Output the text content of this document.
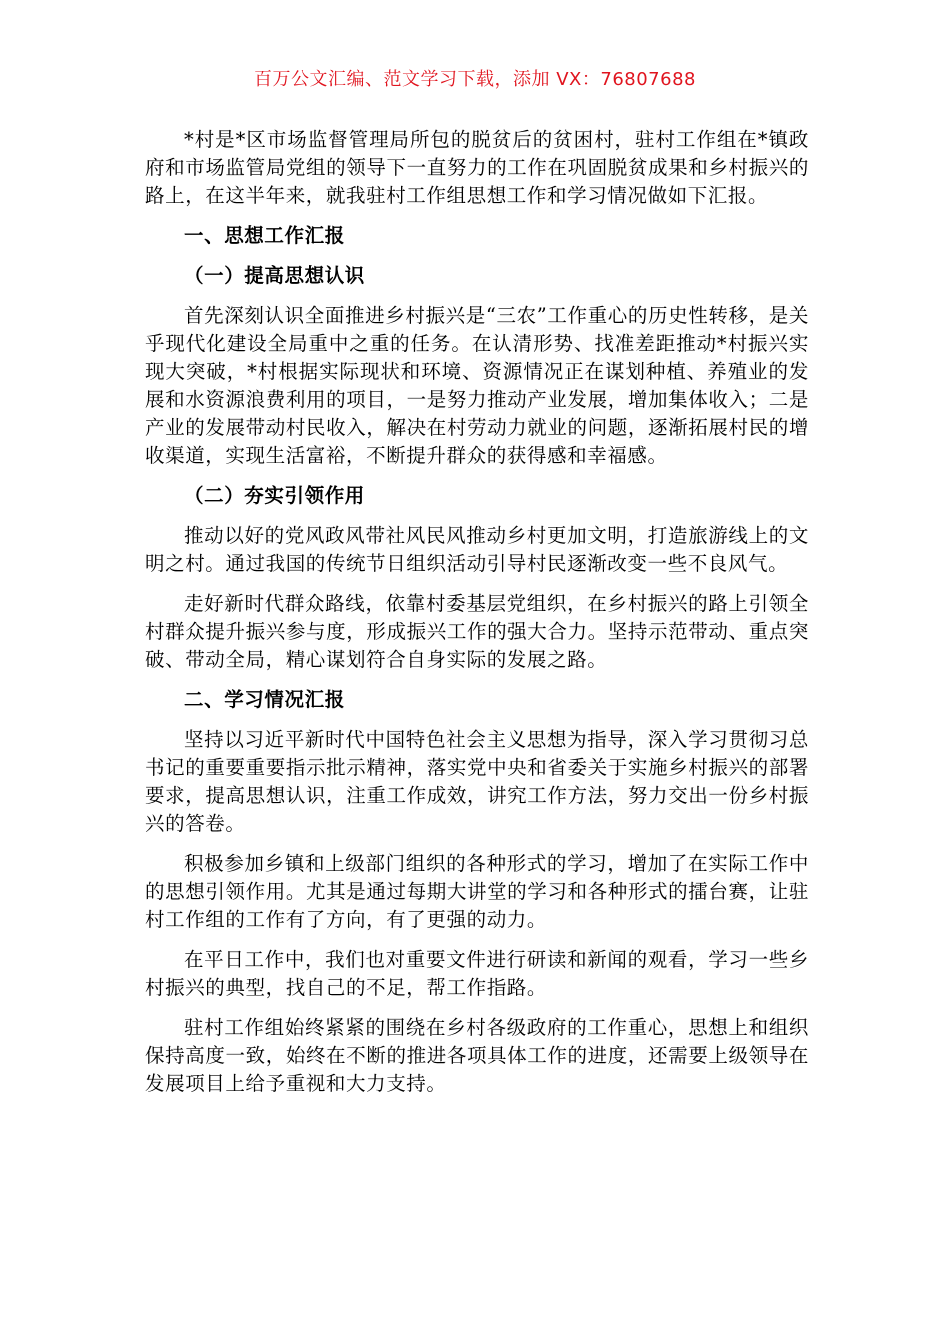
百万公文汇编、范文学习下载，添加 VX：76807688

*村是*区市场监督管理局所包的脱贫后的贫困村，驻村工作组在*镇政府和市场监管局党组的领导下一直努力的工作在巩固脱贫成果和乡村振兴的路上，在这半年来，就我驻村工作组思想工作和学习情况做如下汇报。

一、思想工作汇报

（一）提高思想认识

首先深刻认识全面推进乡村振兴是“三农”工作重心的历史性转移，是关乎现代化建设全局重中之重的任务。在认清形势、找准差距推动*村振兴实现大突破，*村根据实际现状和环境、资源情况正在谋划种植、养殖业的发展和水资源浪费利用的项目，一是努力推动产业发展，增加集体收入；二是产业的发展带动村民收入，解决在村劳动力就业的问题，逐渐拓展村民的增收渠道，实现生活富裕，不断提升群众的获得感和幸福感。

（二）夯实引领作用

推动以好的党风政风带社风民风推动乡村更加文明，打造旅游线上的文明之村。通过我国的传统节日组织活动引导村民逐渐改变一些不良风气。

走好新时代群众路线，依靠村委基层党组织，在乡村振兴的路上引领全村群众提升振兴参与度，形成振兴工作的强大合力。坚持示范带动、重点突破、带动全局，精心谋划符合自身实际的发展之路。

二、学习情况汇报

坚持以习近平新时代中国特色社会主义思想为指导，深入学习贯彻习总书记的重要重要指示批示精神，落实党中央和省委关于实施乡村振兴的部署要求，提高思想认识，注重工作成效，讲究工作方法，努力交出一份乡村振兴的答卷。

积极参加乡镇和上级部门组织的各种形式的学习，增加了在实际工作中的思想引领作用。尤其是通过每期大讲堂的学习和各种形式的擂台赛，让驻村工作组的工作有了方向，有了更强的动力。

在平日工作中，我们也对重要文件进行研读和新闻的观看，学习一些乡村振兴的典型，找自己的不足，帮工作指路。

驻村工作组始终紧紧的围绕在乡村各级政府的工作重心，思想上和组织保持高度一致，始终在不断的推进各项具体工作的进度，还需要上级领导在发展项目上给予重视和大力支持。
